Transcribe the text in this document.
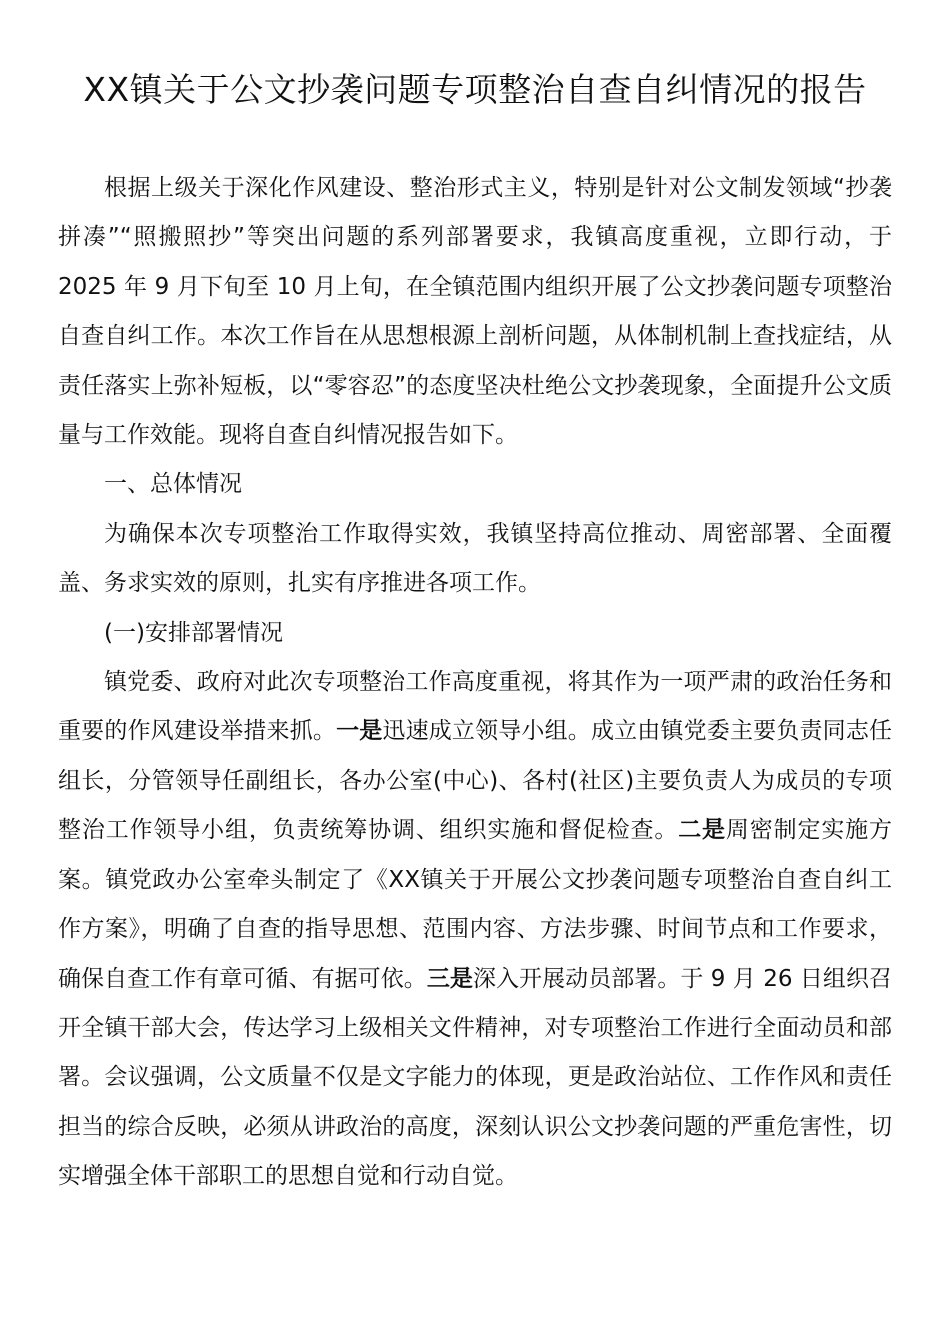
XX镇关于公文抄袭问题专项整治自查自纠情况的报告

根据上级关于深化作风建设、整治形式主义，特别是针对公文制发领域“抄袭拼凑”“照搬照抄”等突出问题的系列部署要求，我镇高度重视，立即行动，于 2025 年 9 月下旬至 10 月上旬，在全镇范围内组织开展了公文抄袭问题专项整治自查自纠工作。本次工作旨在从思想根源上剖析问题，从体制机制上查找症结，从责任落实上弥补短板，以“零容忍”的态度坚决杜绝公文抄袭现象，全面提升公文质量与工作效能。现将自查自纠情况报告如下。

一、总体情况

为确保本次专项整治工作取得实效，我镇坚持高位推动、周密部署、全面覆盖、务求实效的原则，扎实有序推进各项工作。

(一)安排部署情况

镇党委、政府对此次专项整治工作高度重视，将其作为一项严肃的政治任务和重要的作风建设举措来抓。一是迅速成立领导小组。成立由镇党委主要负责同志任组长，分管领导任副组长，各办公室(中心)、各村(社区)主要负责人为成员的专项整治工作领导小组，负责统筹协调、组织实施和督促检查。二是周密制定实施方案。镇党政办公室牵头制定了《XX镇关于开展公文抄袭问题专项整治自查自纠工作方案》，明确了自查的指导思想、范围内容、方法步骤、时间节点和工作要求，确保自查工作有章可循、有据可依。三是深入开展动员部署。于 9 月 26 日组织召开全镇干部大会，传达学习上级相关文件精神，对专项整治工作进行全面动员和部署。会议强调，公文质量不仅是文字能力的体现，更是政治站位、工作作风和责任担当的综合反映，必须从讲政治的高度，深刻认识公文抄袭问题的严重危害性，切实增强全体干部职工的思想自觉和行动自觉。
